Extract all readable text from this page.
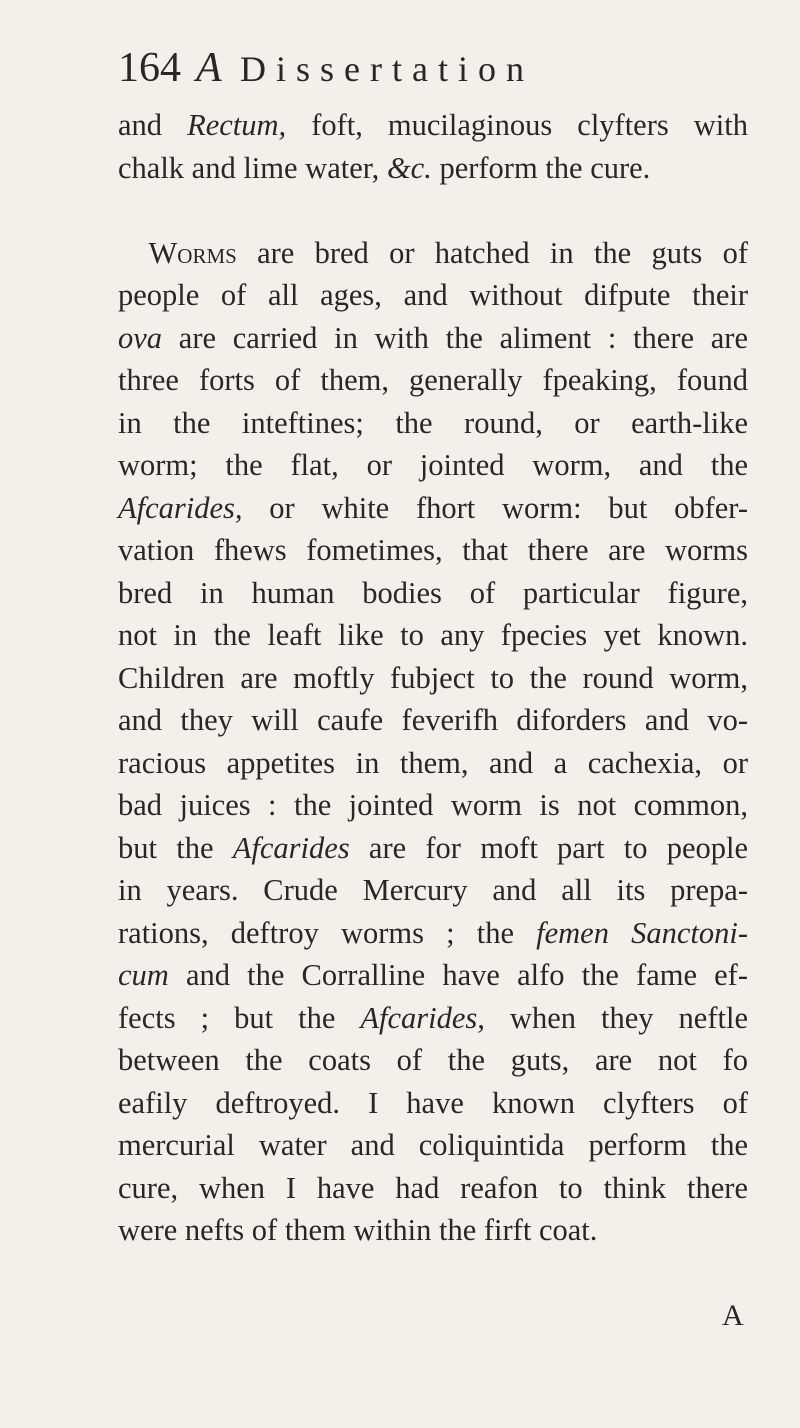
164 A Dissertation
and Rectum, foft, mucilaginous clyfters with
chalk and lime water, &c. perform the cure.
 Worms are bred or hatched in the guts of
people of all ages, and without difpute their
ova are carried in with the aliment : there are
three forts of them, generally fpeaking, found
in the inteftines; the round, or earth-like
worm; the flat, or jointed worm, and the
Afcarides, or white fhort worm: but obfer-
vation fhews fometimes, that there are worms
bred in human bodies of particular figure,
not in the leaft like to any fpecies yet known.
Children are moftly fubject to the round worm,
and they will caufe feverifh diforders and vo-
racious appetites in them, and a cachexia, or
bad juices : the jointed worm is not common,
but the Afcarides are for moft part to people
in years. Crude Mercury and all its prepa-
rations, deftroy worms ; the femen Sanctoni-
cum and the Corralline have alfo the fame ef-
fects ; but the Afcarides, when they neftle
between the coats of the guts, are not fo
eafily deftroyed. I have known clyfters of
mercurial water and coliquintida perform the
cure, when I have had reafon to think there
were nefts of them within the firft coat.
A
